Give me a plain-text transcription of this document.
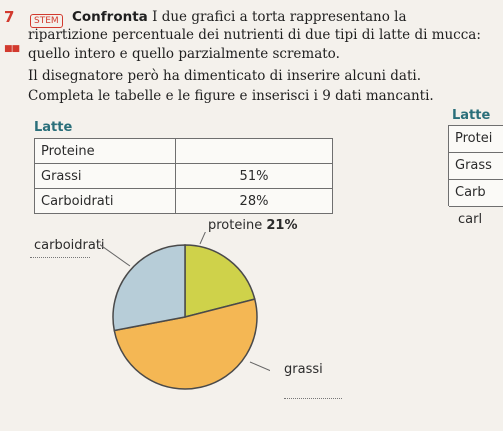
7	STEM
■■
Confronta I due grafici a torta rappresentano la
ripartizione percentuale dei nutrienti di due tipi di latte di mucca:
quello intero e quello parzialmente scremato.
Il disegnatore però ha dimenticato di inserire alcuni dati.
Completa le tabelle e le figure e inserisci i 9 dati mancanti.
Latte
Proteine	
Grassi	51%
Carboidrati	28%
Latte
Protei
Grass
Carb
carl
carboidrati
proteine 21%
grassi
